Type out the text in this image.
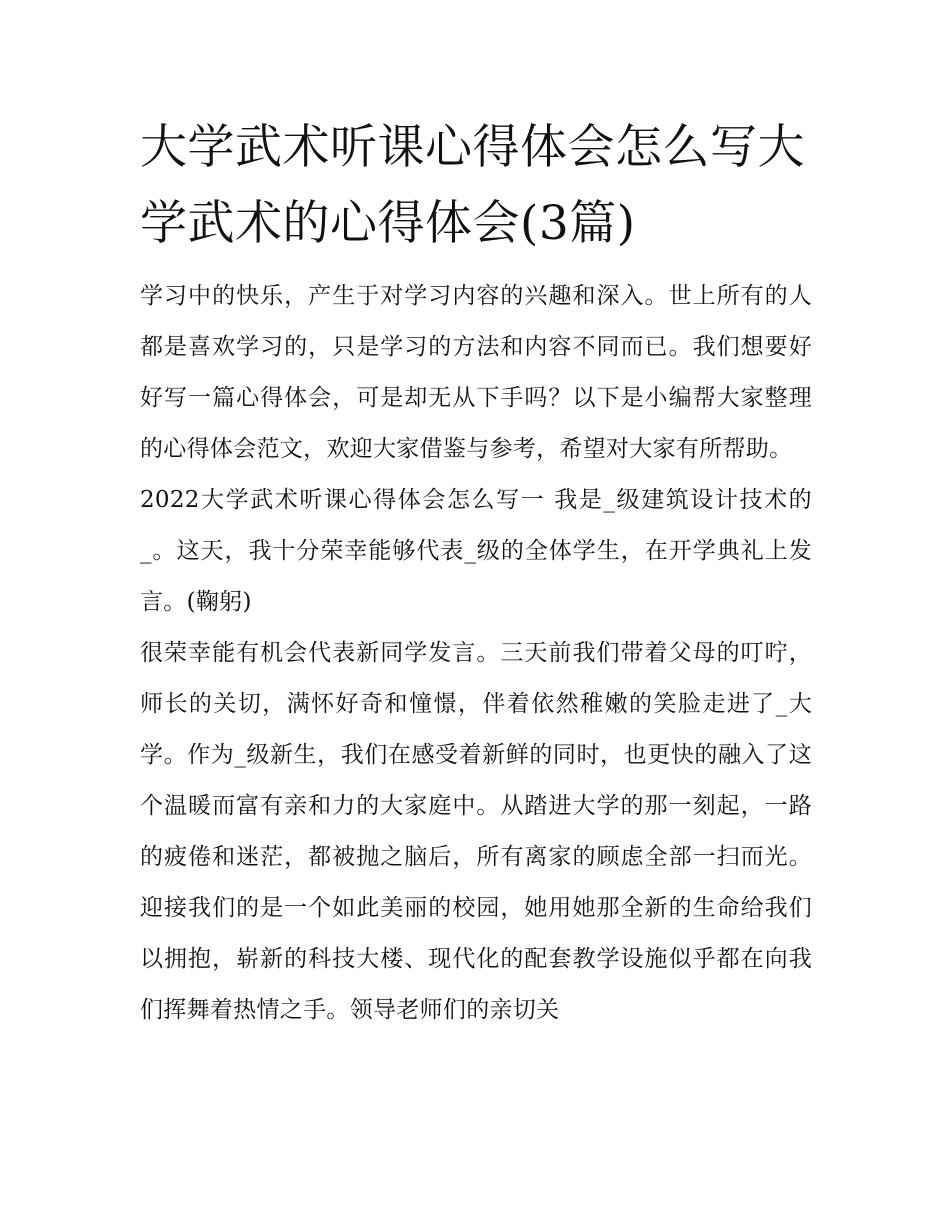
大学武术听课心得体会怎么写大学武术的心得体会(3篇)

学习中的快乐，产生于对学习内容的兴趣和深入。世上所有的人都是喜欢学习的，只是学习的方法和内容不同而已。我们想要好好写一篇心得体会，可是却无从下手吗？以下是小编帮大家整理的心得体会范文，欢迎大家借鉴与参考，希望对大家有所帮助。

2022大学武术听课心得体会怎么写一 我是_级建筑设计技术的_。这天，我十分荣幸能够代表_级的全体学生，在开学典礼上发言。(鞠躬)

很荣幸能有机会代表新同学发言。三天前我们带着父母的叮咛，师长的关切，满怀好奇和憧憬，伴着依然稚嫩的笑脸走进了_大学。作为_级新生，我们在感受着新鲜的同时，也更快的融入了这个温暖而富有亲和力的大家庭中。从踏进大学的那一刻起，一路的疲倦和迷茫，都被抛之脑后，所有离家的顾虑全部一扫而光。迎接我们的是一个如此美丽的校园，她用她那全新的生命给我们以拥抱，崭新的科技大楼、现代化的配套教学设施似乎都在向我们挥舞着热情之手。领导老师们的亲切关
